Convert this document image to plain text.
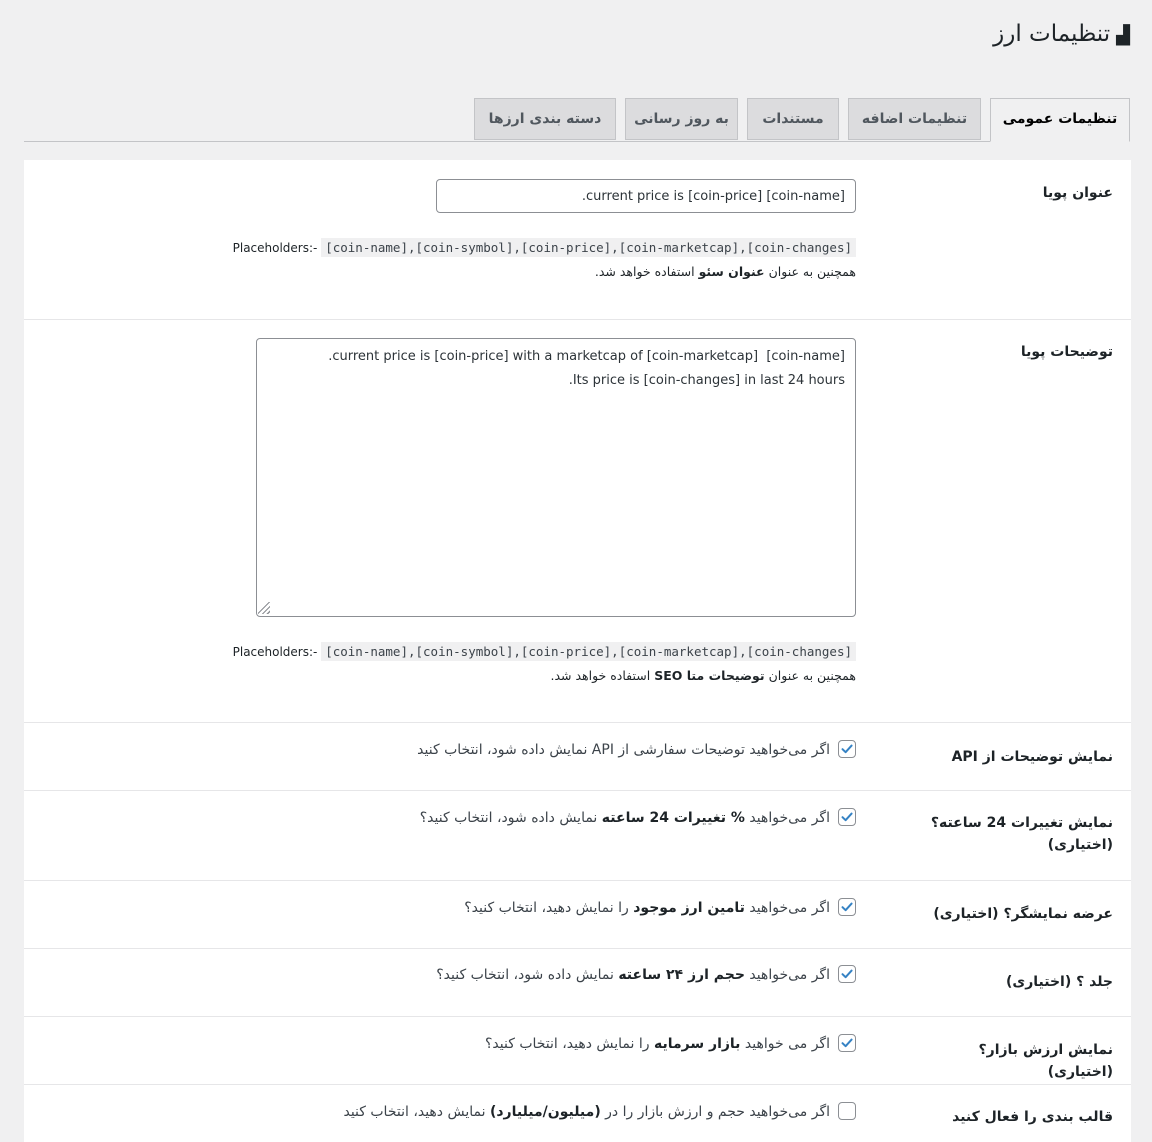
▟تنظیمات ارز
تنظیمات عمومی
تنظیمات اضافه
مستندات
به روز رسانی
دسته بندی ارزها
عنوان پویا
current price is [coin-price] [coin-name].
Placeholders:- [coin-name],[coin-symbol],[coin-price],[coin-marketcap],[coin-changes]
همچنین به عنوان عنوان سئو استفاده خواهد شد.
توضیحات پویا
[coin-name] current price is [coin-price] with a marketcap of [coin-marketcap]. Its price is [coin-changes] in last 24 hours.
Placeholders:- [coin-name],[coin-symbol],[coin-price],[coin-marketcap],[coin-changes]
همچنین به عنوان توضیحات متا SEO استفاده خواهد شد.
نمایش توضیحات از API
اگر می‌خواهید توضیحات سفارشی از API نمایش داده شود، انتخاب کنید
نمایش تغییرات 24 ساعته؟ (اختیاری)
اگر می‌خواهید % تغییرات 24 ساعته نمایش داده شود، انتخاب کنید؟
عرضه نمایشگر؟ (اختیاری)
اگر می‌خواهید تامین ارز موجود را نمایش دهید، انتخاب کنید؟
جلد ؟ (اختیاری)
اگر می‌خواهید حجم ارز ۲۴ ساعته نمایش داده شود، انتخاب کنید؟
نمایش ارزش بازار؟ (اختیاری)
اگر می خواهید بازار سرمایه را نمایش دهید، انتخاب کنید؟
قالب بندی را فعال کنید
اگر می‌خواهید حجم و ارزش بازار را در (میلیون/میلیارد) نمایش دهید، انتخاب کنید
